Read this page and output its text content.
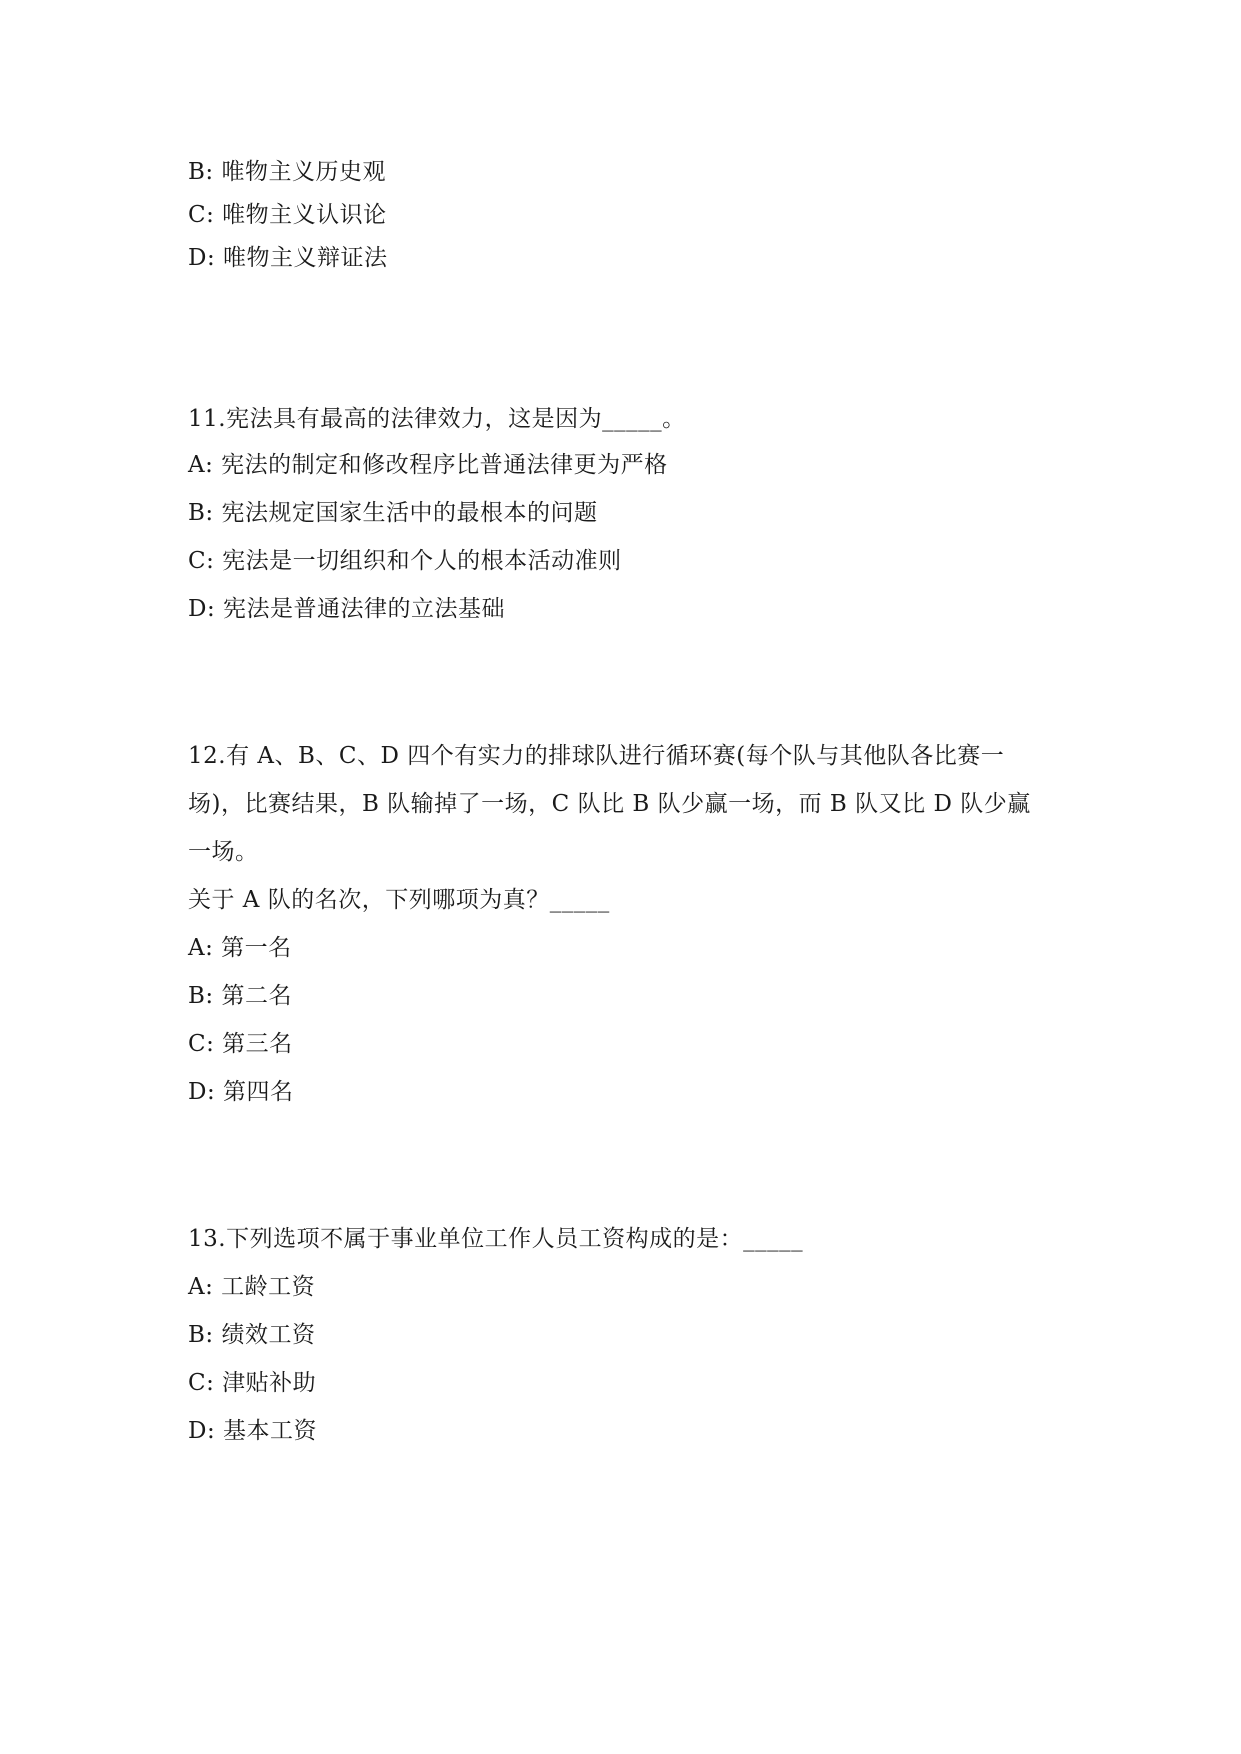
B: 唯物主义历史观
C: 唯物主义认识论
D: 唯物主义辩证法
11.宪法具有最高的法律效力，这是因为_____。
A: 宪法的制定和修改程序比普通法律更为严格
B: 宪法规定国家生活中的最根本的问题
C: 宪法是一切组织和个人的根本活动准则
D: 宪法是普通法律的立法基础
12.有 A、B、C、D 四个有实力的排球队进行循环赛(每个队与其他队各比赛一
场)，比赛结果，B 队输掉了一场，C 队比 B 队少赢一场，而 B 队又比 D 队少赢
一场。
关于 A 队的名次，下列哪项为真？_____
A: 第一名
B: 第二名
C: 第三名
D: 第四名
13.下列选项不属于事业单位工作人员工资构成的是：_____
A: 工龄工资
B: 绩效工资
C: 津贴补助
D: 基本工资
